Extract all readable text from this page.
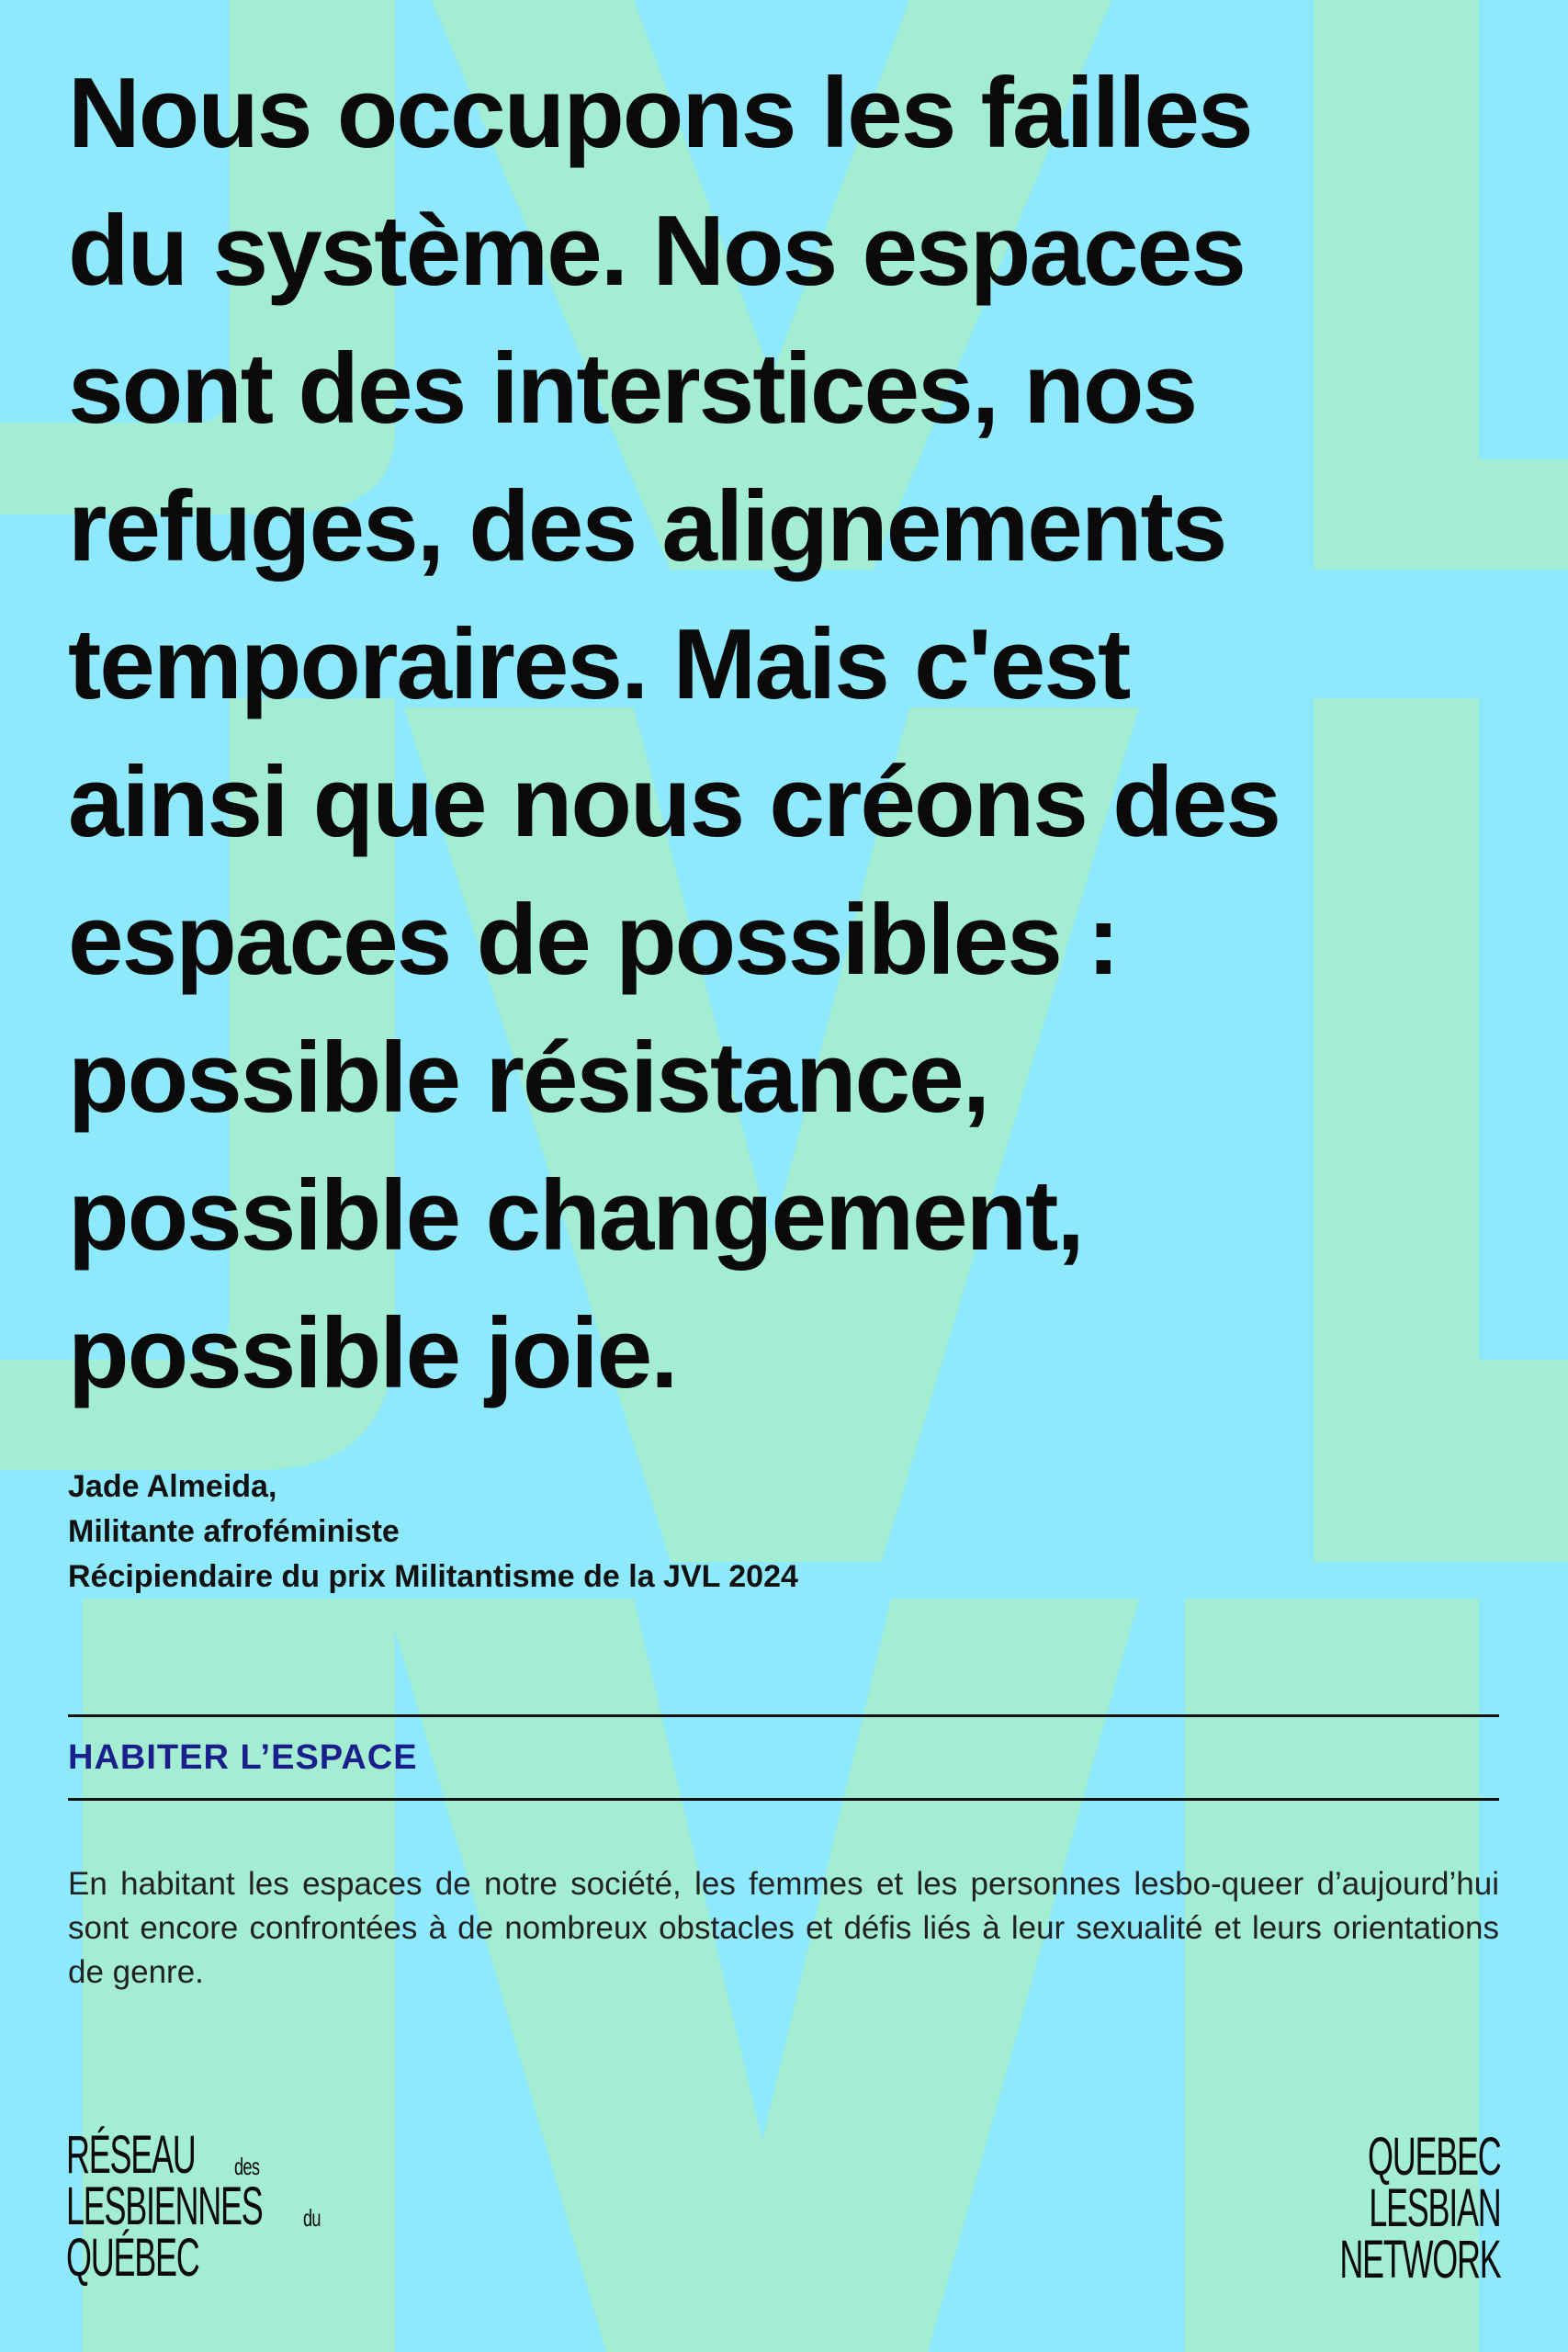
Nous occupons les failles
du système. Nos espaces
sont des interstices, nos
refuges, des alignements
temporaires. Mais c'est
ainsi que nous créons des
espaces de possibles :
possible résistance,
possible changement,
possible joie.
Jade Almeida,
Militante afroféministe
Récipiendaire du prix Militantisme de la JVL 2024
HABITER L’ESPACE

En habitant les espaces de notre société, les femmes et les personnes lesbo-queer d’aujourd’hui sont encore confrontées à de nombreux obstacles et défis liés à leur sexualité et leurs orientations de genre.

RÉSEAU des
LESBIENNES du
QUÉBEC
QUEBEC
LESBIAN
NETWORK
